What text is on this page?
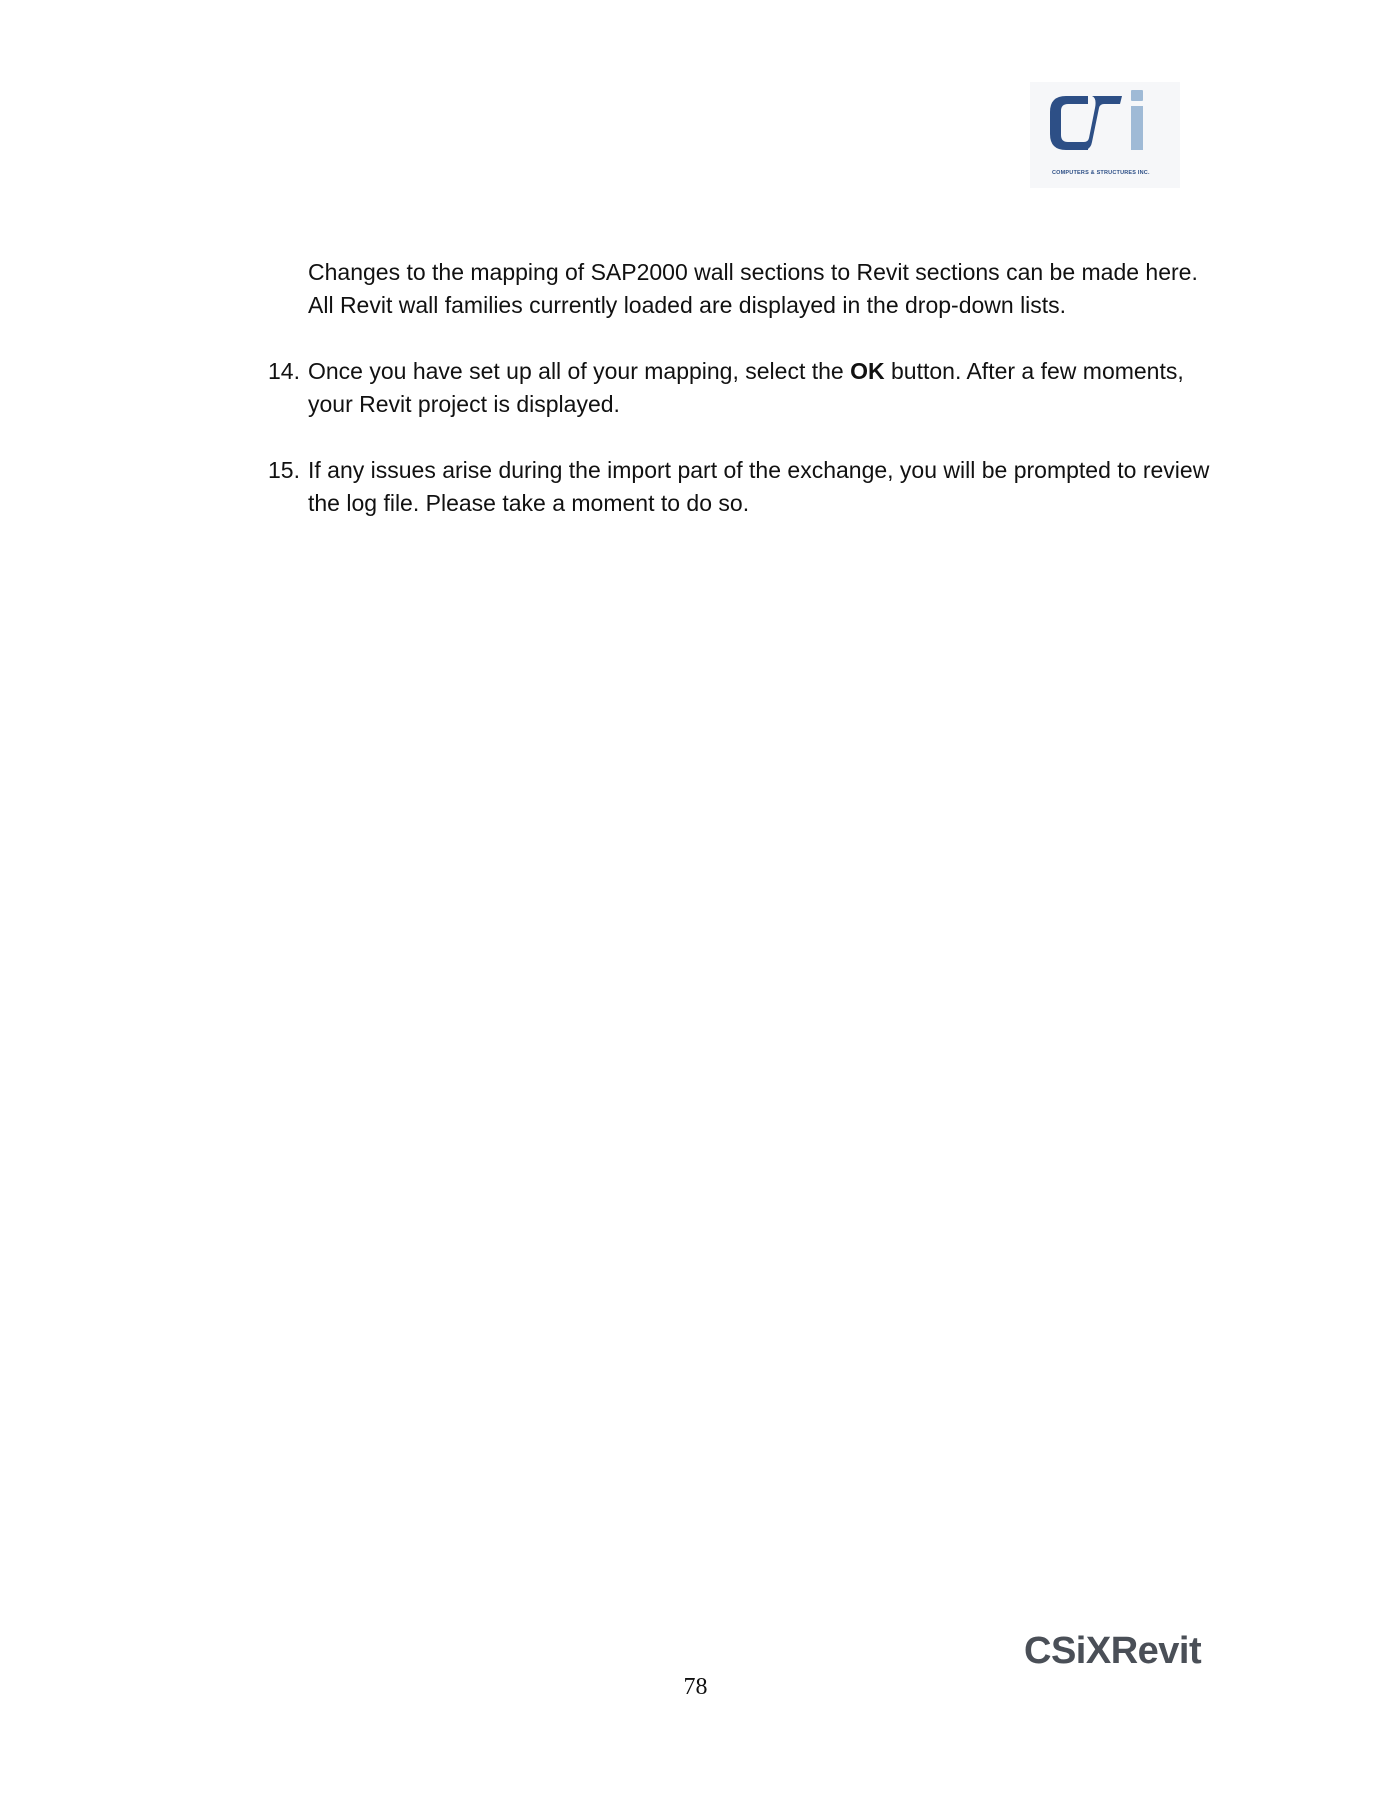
COMPUTERS & STRUCTURES INC.

Changes to the mapping of SAP2000 wall sections to Revit sections can be made here. All Revit wall families currently loaded are displayed in the drop-down lists.

14. Once you have set up all of your mapping, select the OK button. After a few moments, your Revit project is displayed.
15. If any issues arise during the import part of the exchange, you will be prompted to review the log file. Please take a moment to do so.
CSiXRevit
78
